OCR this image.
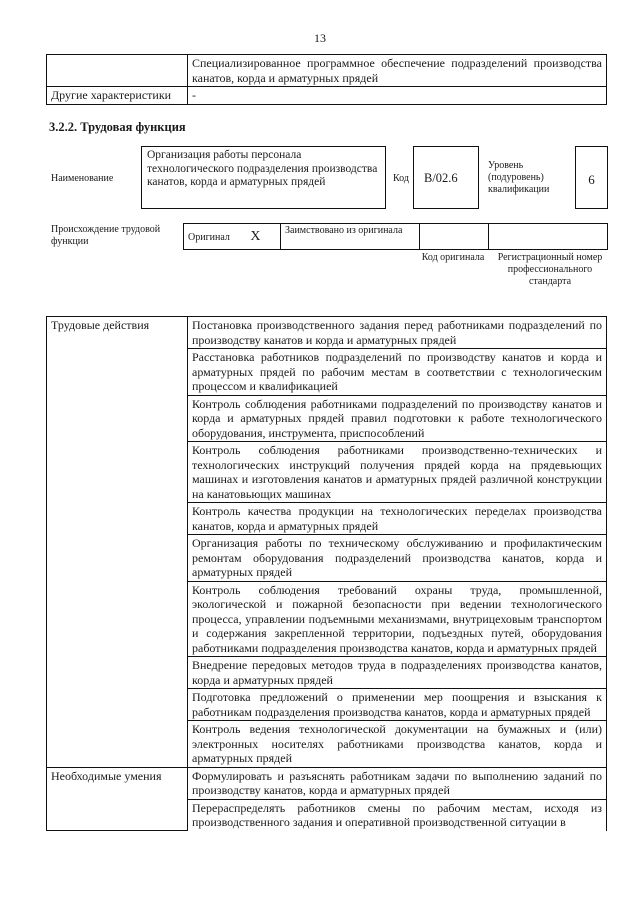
13
	Специализированное программное обеспечение подразделений производства канатов, корда и арматурных прядей
Другие характеристики	-
3.2.2. Трудовая функция
Наименование
Организация работы персонала технологического подразделения производства канатов, корда и арматурных прядей	Код	B/02.6
Уровень (подуровень) квалификации
6
Происхождение трудовой функции	Оригинал X	Заимствовано из оригинала		
Код оригинала	Регистрационный номер профессионального стандарта
Трудовые действия	Постановка производственного задания перед работниками подразделений по производству канатов и корда и арматурных прядей
	Расстановка работников подразделений по производству канатов и корда и арматурных прядей по рабочим местам в соответствии с технологическим процессом и квалификацией
	Контроль соблюдения работниками подразделений по производству канатов и корда и арматурных прядей правил подготовки к работе технологического оборудования, инструмента, приспособлений
	Контроль соблюдения работниками производственно-технических и технологических инструкций получения прядей корда на прядевьющих машинах и изготовления канатов и арматурных прядей различной конструкции на канатовьющих машинах
	Контроль качества продукции на технологических переделах производства канатов, корда и арматурных прядей
	Организация работы по техническому обслуживанию и профилактическим ремонтам оборудования подразделений производства канатов, корда и арматурных прядей
	Контроль соблюдения требований охраны труда, промышленной, экологической и пожарной безопасности при ведении технологического процесса, управлении подъемными механизмами, внутрицеховым транспортом и содержания закрепленной территории, подъездных путей, оборудования работниками подразделения производства канатов, корда и арматурных прядей
	Внедрение передовых методов труда в подразделениях производства канатов, корда и арматурных прядей
	Подготовка предложений о применении мер поощрения и взыскания к работникам подразделения производства канатов, корда и арматурных прядей
	Контроль ведения технологической документации на бумажных и (или) электронных носителях работниками производства канатов, корда и арматурных прядей
Необходимые умения	Формулировать и разъяснять работникам задачи по выполнению заданий по производству канатов, корда и арматурных прядей
	Перераспределять работников смены по рабочим местам, исходя из производственного задания и оперативной производственной ситуации в
